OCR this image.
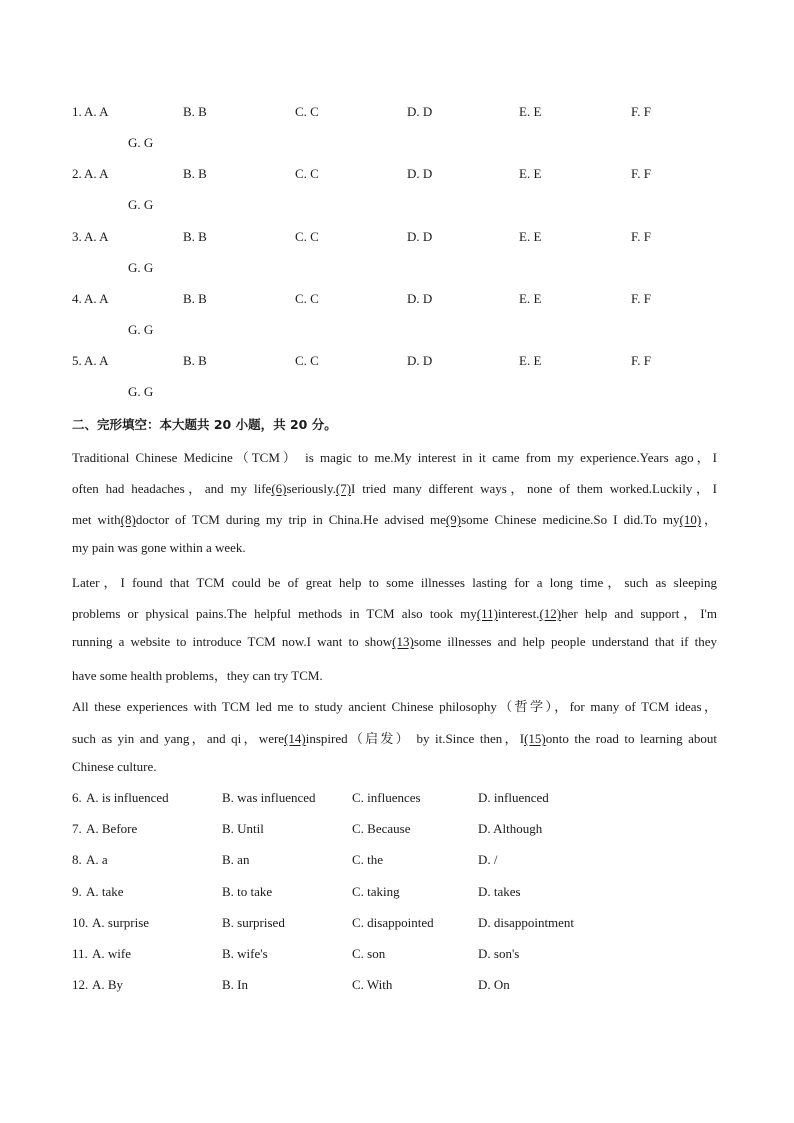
1. A. A	B. B	C. C	D. D	E. E	F. F
G. G
2. A. A	B. B	C. C	D. D	E. E	F. F
G. G
3. A. A	B. B	C. C	D. D	E. E	F. F
G. G
4. A. A	B. B	C. C	D. D	E. E	F. F
G. G
5. A. A	B. B	C. C	D. D	E. E	F. F
G. G
二、完形填空：本大题共 20 小题，共 20 分。
Traditional Chinese Medicine（TCM） is magic to me.My interest in it came from my experience.Years ago，I
often had headaches，and my life(6)seriously.(7)I tried many different ways，none of them worked.Luckily，I
met with(8)doctor of TCM during my trip in China.He advised me(9)some Chinese medicine.So I did.To my(10)，
my pain was gone within a week.
Later，I found that TCM could be of great help to some illnesses lasting for a long time，such as sleeping
problems or physical pains.The helpful methods in TCM also took my(11)interest.(12)her help and support，I'm
running a website to introduce TCM now.I want to show(13)some illnesses and help people understand that if they
have some health problems，they can try TCM.
All these experiences with TCM led me to study ancient Chinese philosophy（哲学），for many of TCM ideas，
such as yin and yang，and qi，were(14)inspired（启发） by it.Since then，I(15)onto the road to learning about
Chinese culture.
6. A. is influenced	B. was influenced	C. influences	D. influenced
7. A. Before	B. Until	C. Because	D. Although
8. A. a	B. an	C. the	D. /
9. A. take	B. to take	C. taking	D. takes
10. A. surprise	B. surprised	C. disappointed	D. disappointment
11. A. wife	B. wife's	C. son	D. son's
12. A. By	B. In	C. With	D. On
